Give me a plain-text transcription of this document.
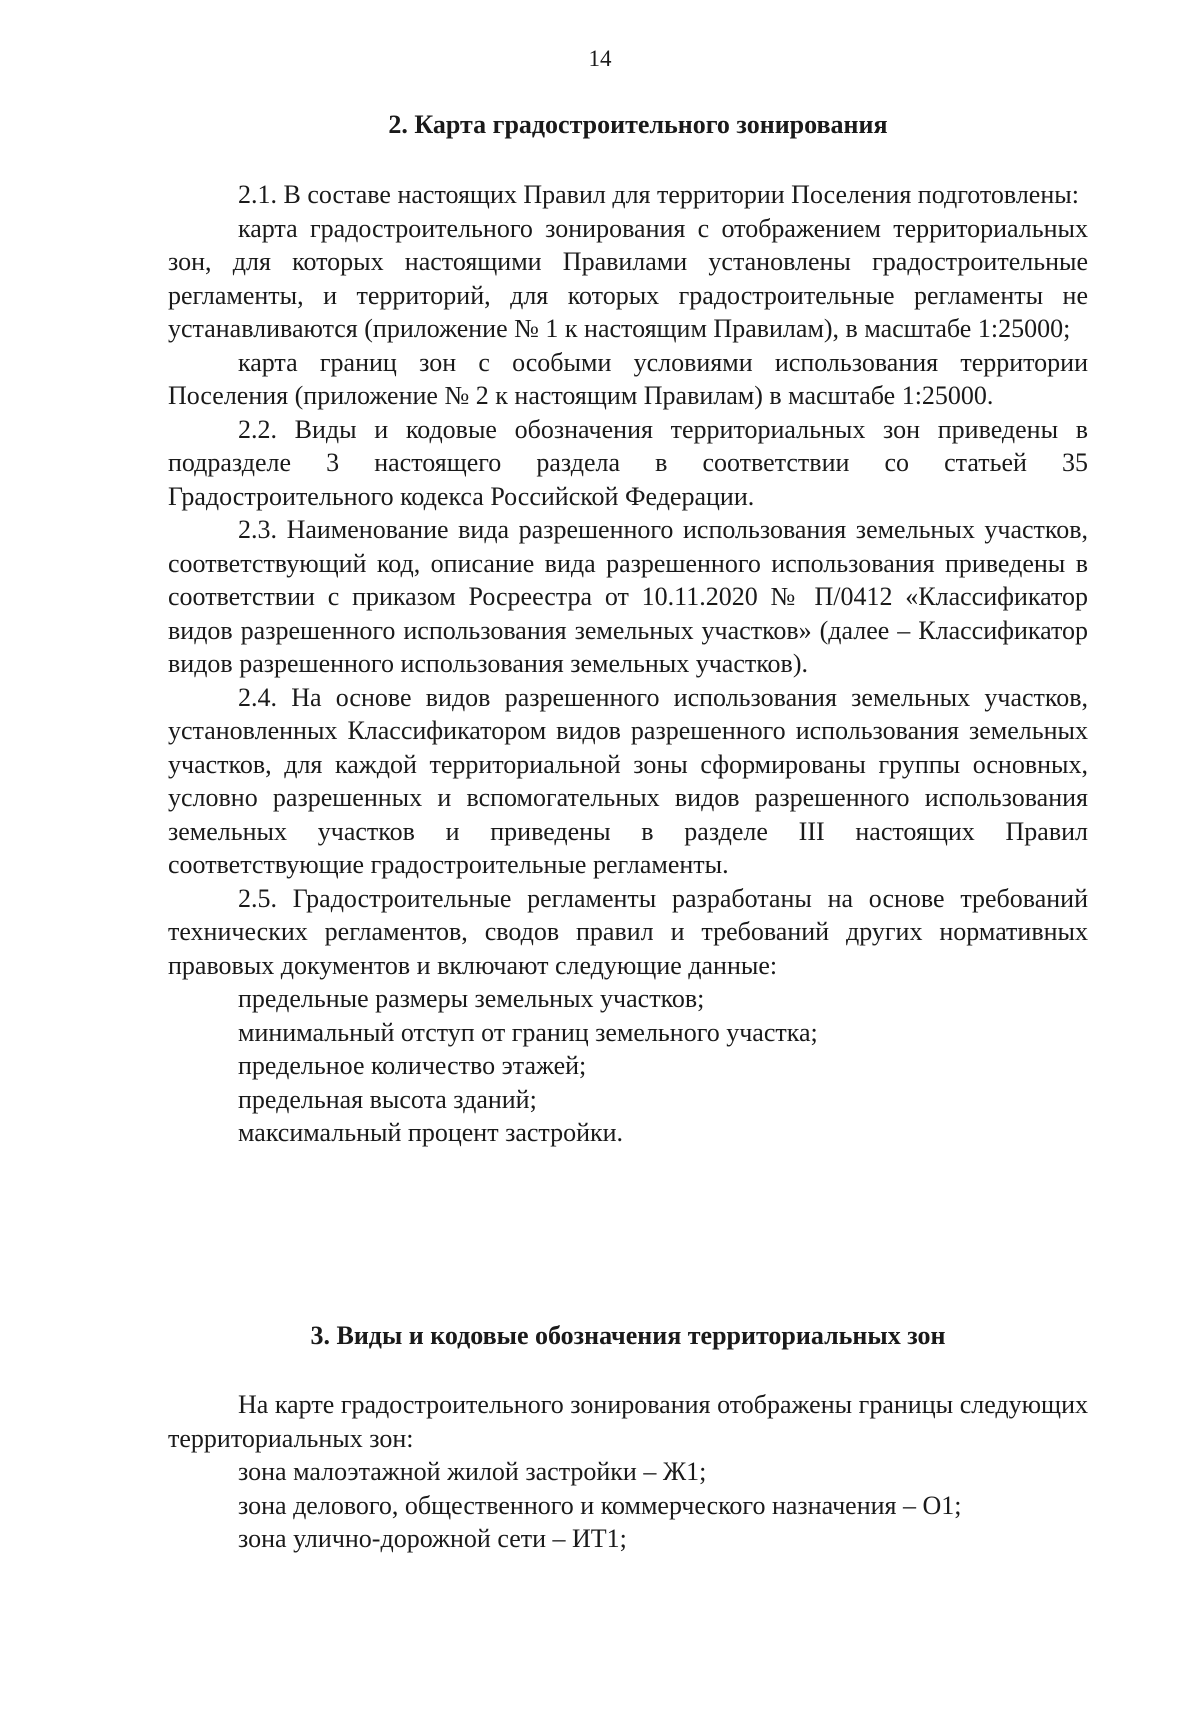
14
2. Карта градостроительного зонирования

2.1. В составе настоящих Правил для территории Поселения подготовлены:

карта градостроительного зонирования с отображением территориальных зон, для которых настоящими Правилами установлены градостроительные регламенты, и территорий, для которых градостроительные регламенты не устанавливаются (приложение № 1 к настоящим Правилам), в масштабе 1:25000;

карта границ зон с особыми условиями использования территории Поселения (приложение № 2 к настоящим Правилам) в масштабе 1:25000.

2.2. Виды и кодовые обозначения территориальных зон приведены в подразделе 3 настоящего раздела в соответствии со статьей 35 Градостроительного кодекса Российской Федерации.

2.3. Наименование вида разрешенного использования земельных участков, соответствующий код, описание вида разрешенного использования приведены в соответствии с приказом Росреестра от 10.11.2020 № П/0412 «Классификатор видов разрешенного использования земельных участков» (далее – Классификатор видов разрешенного использования земельных участков).

2.4. На основе видов разрешенного использования земельных участков, установленных Классификатором видов разрешенного использования земельных участков, для каждой территориальной зоны сформированы группы основных, условно разрешенных и вспомогательных видов разрешенного использования земельных участков и приведены в разделе III настоящих Правил соответствующие градостроительные регламенты.

2.5. Градостроительные регламенты разработаны на основе требований технических регламентов, сводов правил и требований других нормативных правовых документов и включают следующие данные:

предельные размеры земельных участков;
минимальный отступ от границ земельного участка;
предельное количество этажей;
предельная высота зданий;
максимальный процент застройки.
3. Виды и кодовые обозначения территориальных зон

На карте градостроительного зонирования отображены границы следующих территориальных зон:

зона малоэтажной жилой застройки – Ж1;
зона делового, общественного и коммерческого назначения – О1;
зона улично-дорожной сети – ИТ1;
